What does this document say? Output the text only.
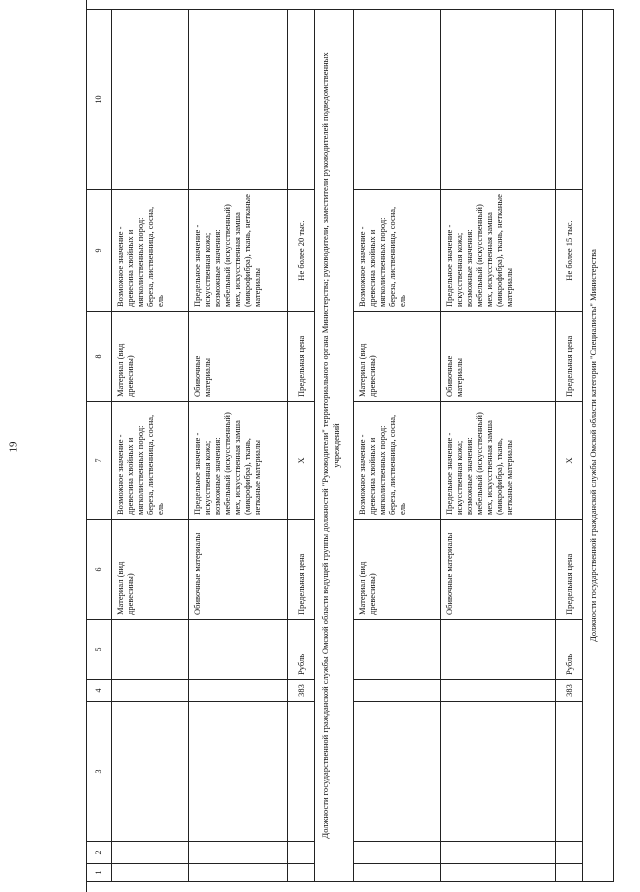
19
1	2	3	4	5	6	7	8	9	10
					Материал (вид древесины)	Возможное значение - древесина хвойных и мягколиственных пород: береза, лиственница, сосна, ель	Материал (вид древесины)	Возможное значение - древесина хвойных и мягколиственных пород: береза, лиственница, сосна, ель	
					Обивочные материалы	Предельное значение - искусственная кожа; возможные значения: мебельный (искусственный) мех, искусственная замша (микрофибра), ткань, нетканые материалы	Обивочные материалы	Предельное значение - искусственная кожа; возможные значения: мебельный (искусственный) мех, искусственная замша (микрофибра), ткань, нетканые материалы	
			383	Рубль	Предельная цена	X	Предельная цена	Не более 20 тыс.	
Должности государственной гражданской службы Омской области ведущей группы должностей "Руководители" территориального органа Министерства; руководители, заместители руководителей подведомственных учреждений									
					Материал (вид древесины)	Возможное значение - древесина хвойных и мягколиственных пород: береза, лиственница, сосна, ель	Материал (вид древесины)	Возможное значение - древесина хвойных и мягколиственных пород: береза, лиственница, сосна, ель	
					Обивочные материалы	Предельное значение - искусственная кожа; возможные значения: мебельный (искусственный) мех, искусственная замша (микрофибра), ткань, нетканые материалы	Обивочные материалы	Предельное значение - искусственная кожа; возможные значения: мебельный (искусственный) мех, искусственная замша (микрофибра), ткань, нетканые материалы	
			383	Рубль	Предельная цена	X	Предельная цена	Не более 15 тыс.	
Должности государственной гражданской службы Омской области категории "Специалисты" Министерства									
